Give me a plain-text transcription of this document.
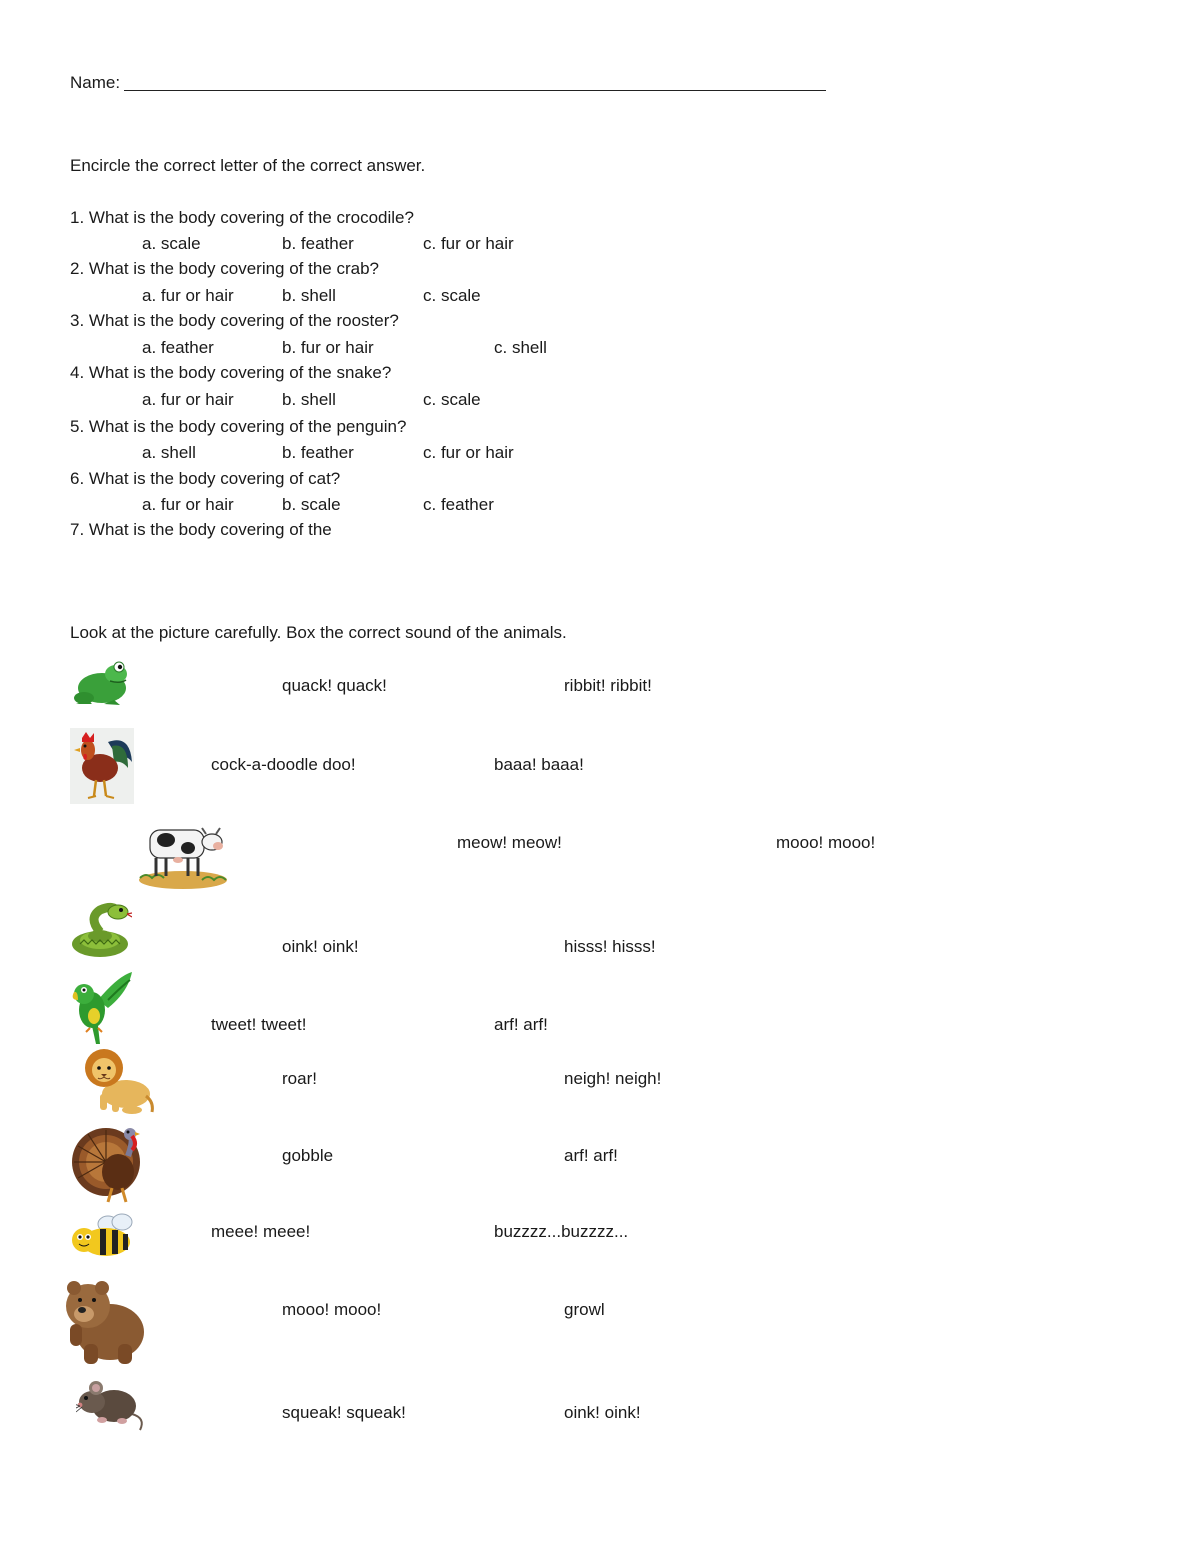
Name:
Encircle the correct letter of the correct answer.
1. What is the body covering of the crocodile?
a. scale	b. feather	c. fur or hair
2. What is the body covering of the crab?
a. fur or hair	b. shell	c. scale
3. What is the body covering of the rooster?
a. feather	b. fur or hair	c. shell
4. What is the body covering of the snake?
a. fur or hair	b. shell	c. scale
5. What is the body covering of the penguin?
a. shell	b. feather	c. fur or hair
6. What is the body covering of cat?
a. fur or hair	b. scale	c. feather
7. What is the body covering of the
Look at the picture carefully. Box the correct sound of the animals.
quack! quack!	ribbit! ribbit!
cock-a-doodle doo!	baaa! baaa!
meow! meow!	mooo! mooo!
oink! oink!	hisss! hisss!
tweet! tweet!	arf! arf!
roar!	neigh! neigh!
gobble	arf! arf!
meee! meee!	buzzzz...buzzzz...
mooo! mooo!	growl
squeak! squeak!	oink! oink!
